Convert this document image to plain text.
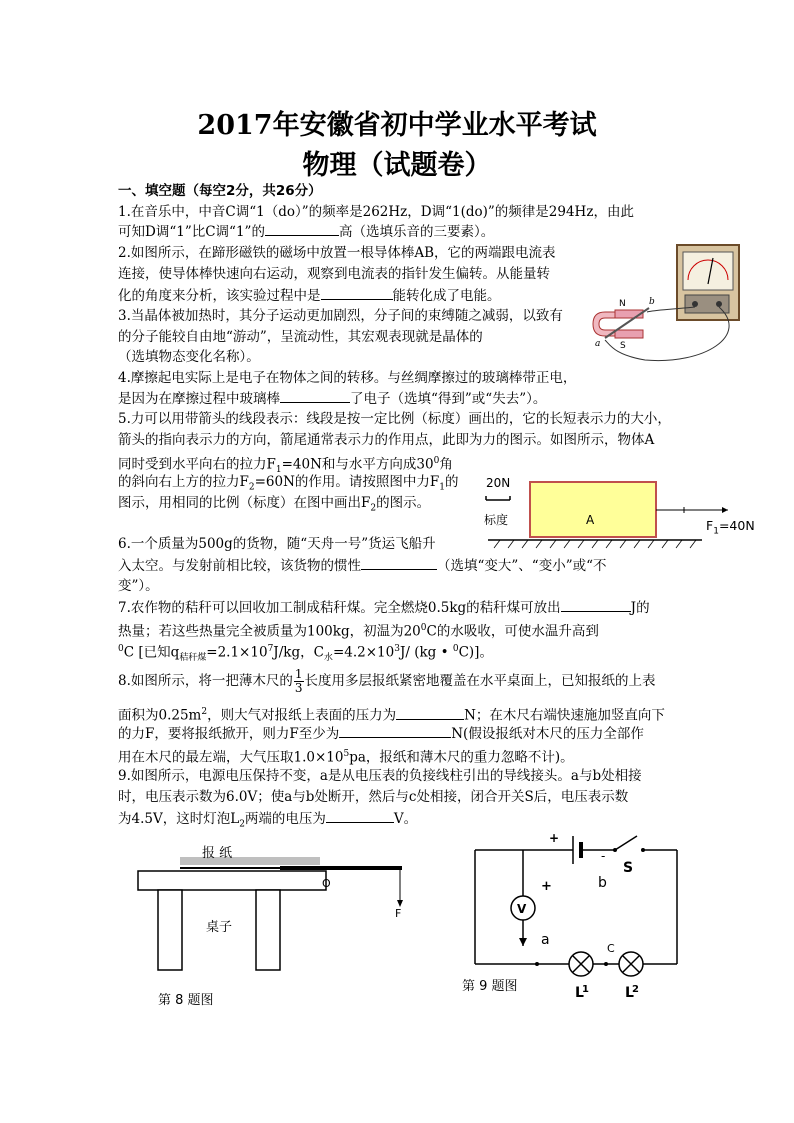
2017年安徽省初中学业水平考试
物理（试题卷）
一、填空题（每空2分，共26分）
1.在音乐中，中音C调“1（do）”的频率是262Hz，D调“1(do)”的频律是294Hz，由此
可知D调“1”比C调“1”的	高（选填乐音的三要素）。
2.如图所示，在蹄形磁铁的磁场中放置一根导体棒AB，它的两端跟电流表
连接，使导体棒快速向右运动，观察到电流表的指针发生偏转。从能量转
化的角度来分析，该实验过程中是	能转化成了电能。
3.当晶体被加热时，其分子运动更加剧烈，分子间的束缚随之减弱，以致有
的分子能较自由地“游动”，呈流动性，其宏观表现就是晶体的
（选填物态变化名称）。
4.摩擦起电实际上是电子在物体之间的转移。与丝绸摩擦过的玻璃棒带正电，
是因为在摩擦过程中玻璃棒	了电子（选填“得到”或“失去”）。
5.力可以用带箭头的线段表示：线段是按一定比例（标度）画出的，它的长短表示力的大小，
箭头的指向表示力的方向，箭尾通常表示力的作用点，此即为力的图示。如图所示，物体A
同时受到水平向右的拉力$F_1=40N$和与水平方向成$30^0$角
的斜向右上方的拉力$F_2=60N$的作用。请按照图中力$F_1$的
图示，用相同的比例（标度）在图中画出$F_2$的图示。
6.一个质量为500g的货物，随“天舟一号”货运飞船升
入太空。与发射前相比较，该货物的惯性	（选填“变大”、“变小”或“不
变”）。
7.农作物的秸秆可以回收加工制成秸秆煤。完全燃烧0.5kg的秸秆煤可放出	J的
热量；若这些热量完全被质量为100kg，初温为$20^0C$的水吸收，可使水温升高到
$^0$C [已知$q_{秸秆煤}=2.1\times 10^7J/kg$，$C_水=4.2\times 10^3J/$ (kg • $^0$C)]。
8.如图所示，将一把薄木尺的 $\frac{1}{3}$ 长度用多层报纸紧密地覆盖在水平桌面上，已知报纸的上表
面积为$0.25m^2$，则大气对报纸上表面的压力为	N；在木尺右端快速施加竖直向下
的力F，要将报纸掀开，则力F至少为	N(假设报纸对木尺的压力全部作
用在木尺的最左端，大气压取$1.0\times 10^5pa$，报纸和薄木尺的重力忽略不计)。
9.如图所示，电源电压保持不变，a是从电压表的负接线柱引出的导线接头。a与b处相接
时，电压表示数为6.0V；使a与b处断开，然后与c处相接，闭合开关S后，电压表示数
为4.5V，这时灯泡$L_2$两端的电压为	V。
N
S
a
b
20N
标度	A	$F_1=40N$
报 纸
桌子
O
F
第 8 题图
+
-
S
b
V
+
a
C
L	L
1	2
第 9 题图
